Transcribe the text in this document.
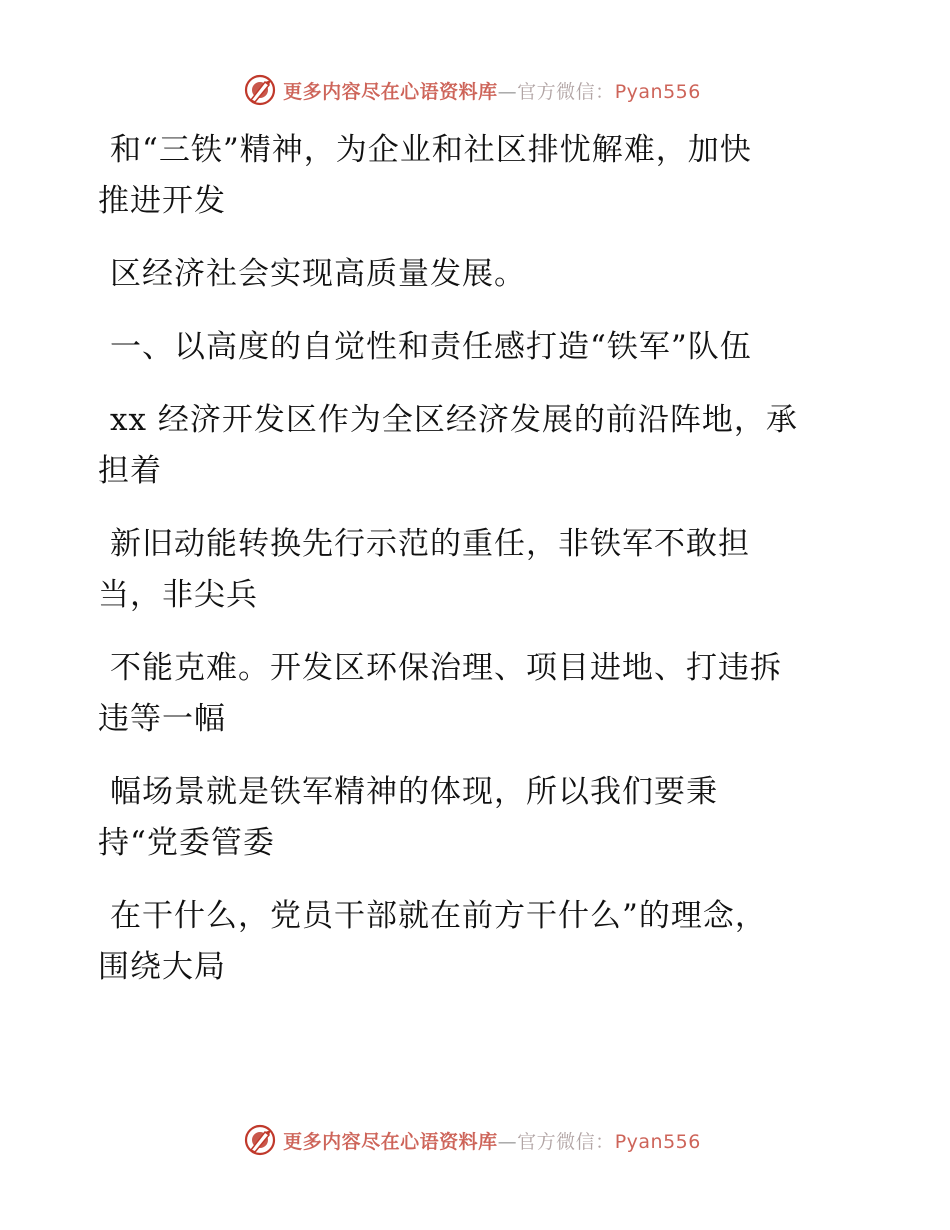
更多内容尽在心语资料库—官方微信：Pyan556

和“三铁”精神，为企业和社区排忧解难，加快
推进开发

区经济社会实现高质量发展。

一、以高度的自觉性和责任感打造“铁军”队伍

xx 经济开发区作为全区经济发展的前沿阵地，承
担着

新旧动能转换先行示范的重任，非铁军不敢担
当，非尖兵

不能克难。开发区环保治理、项目进地、打违拆
违等一幅

幅场景就是铁军精神的体现，所以我们要秉
持“党委管委

在干什么，党员干部就在前方干什么”的理念，
围绕大局

更多内容尽在心语资料库—官方微信：Pyan556
